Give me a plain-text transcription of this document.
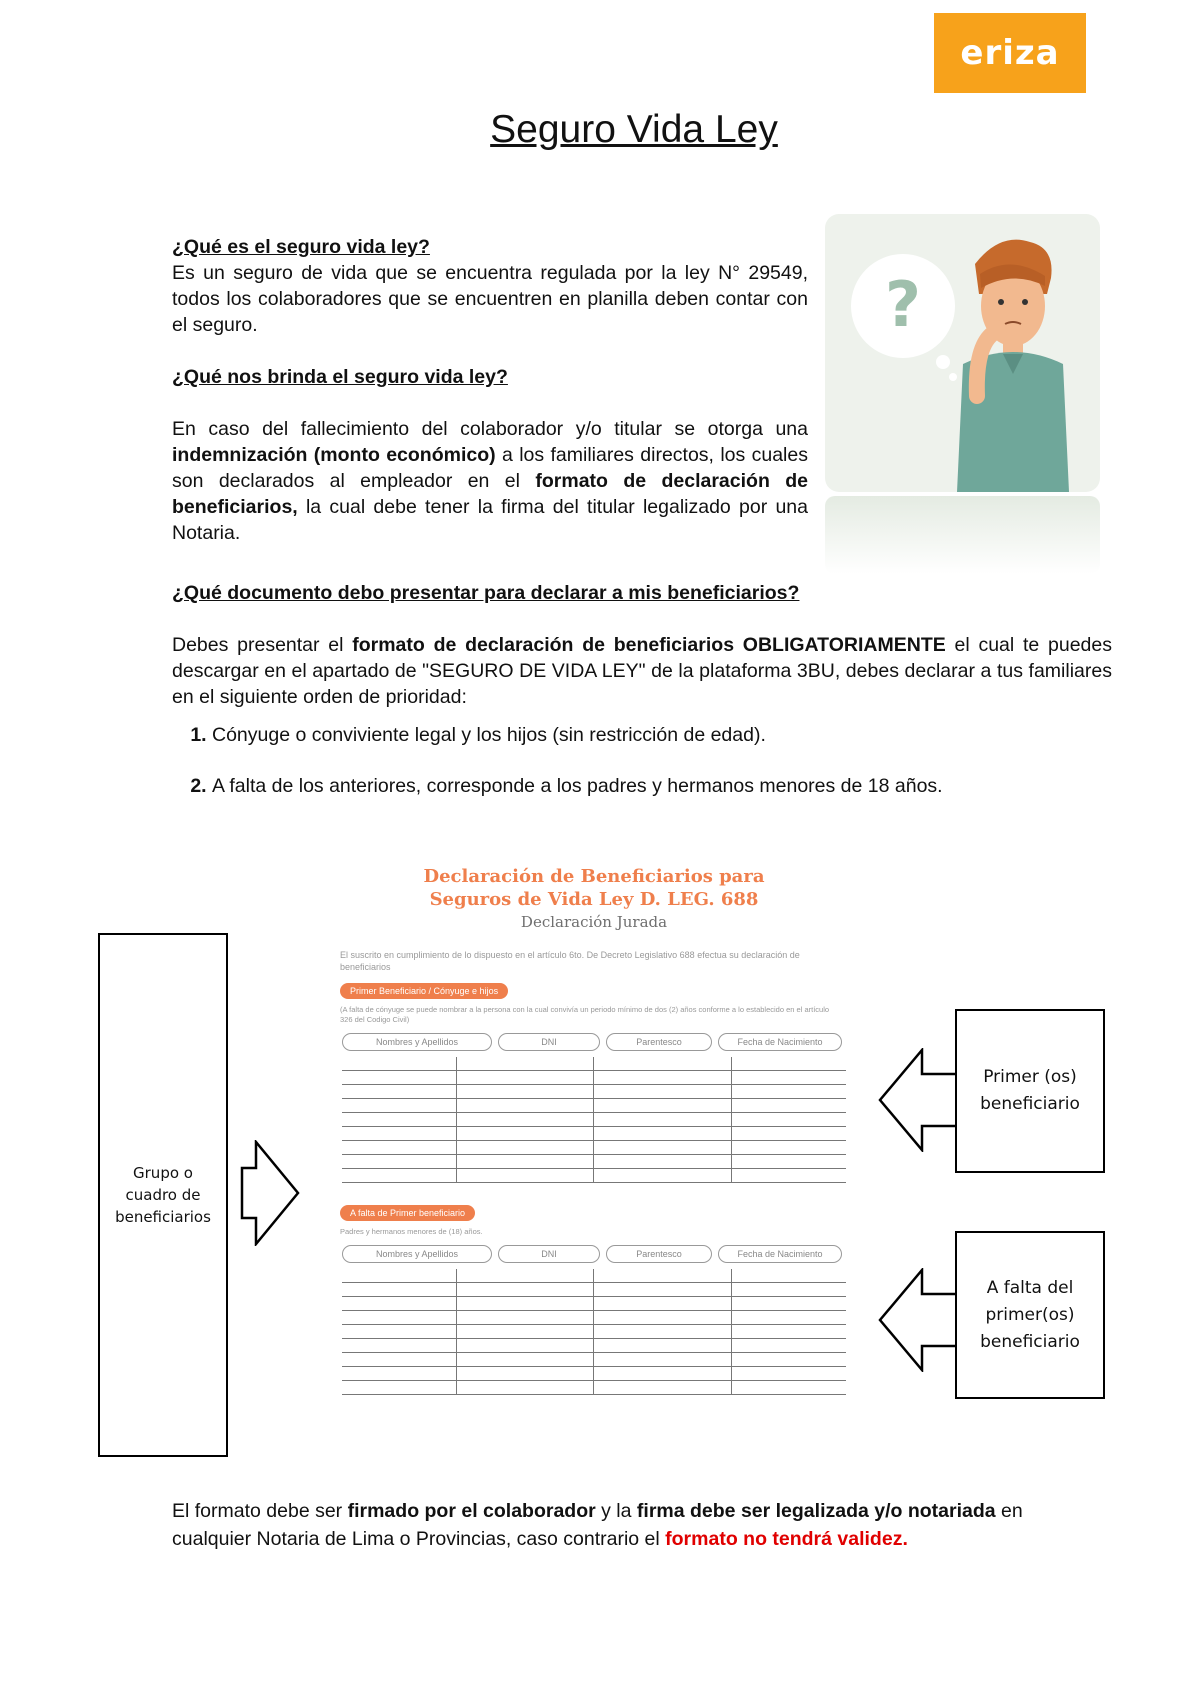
eriza
Seguro Vida Ley
¿Qué es el seguro vida ley?
Es un seguro de vida que se encuentra regulada por la ley N° 29549, todos los colaboradores que se encuentren en planilla deben contar con el seguro.
¿Qué nos brinda el seguro vida ley?
En caso del fallecimiento del colaborador y/o titular se otorga una indemnización (monto económico) a los familiares directos, los cuales son declarados al empleador en el formato de declaración de beneficiarios, la cual debe tener la firma del titular legalizado por una Notaria.
?
¿Qué documento debo presentar para declarar a mis beneficiarios?
Debes presentar el formato de declaración de beneficiarios OBLIGATORIAMENTE el cual te puedes descargar en el apartado de "SEGURO DE VIDA LEY" de la plataforma 3BU, debes declarar a tus familiares en el siguiente orden de prioridad:
1. Cónyuge o conviviente legal y los hijos (sin restricción de edad).
2. A falta de los anteriores, corresponde a los padres y hermanos menores de 18 años.
Declaración de Beneficiarios para
Seguros de Vida Ley D. LEG. 688
Declaración Jurada
El suscrito en cumplimiento de lo dispuesto en el artículo 6to. De Decreto Legislativo 688 efectua su declaración de beneficiarios
Primer Beneficiario / Cónyuge e hijos
(A falta de cónyuge se puede nombrar a la persona con la cual convivía un periodo mínimo de dos (2) años conforme a lo establecido en el artículo 326 del Codigo Civil)
Nombres y Apellidos	DNI	Parentesco	Fecha de Nacimiento

A falta de Primer beneficiario
Padres y hermanos menores de (18) años.
Nombres y Apellidos	DNI	Parentesco	Fecha de Nacimiento

Grupo o cuadro de beneficiarios
Primer (os) beneficiario
A falta del primer(os) beneficiario
El formato debe ser firmado por el colaborador y la firma debe ser legalizada y/o notariada en cualquier Notaria de Lima o Provincias, caso contrario el formato no tendrá validez.
